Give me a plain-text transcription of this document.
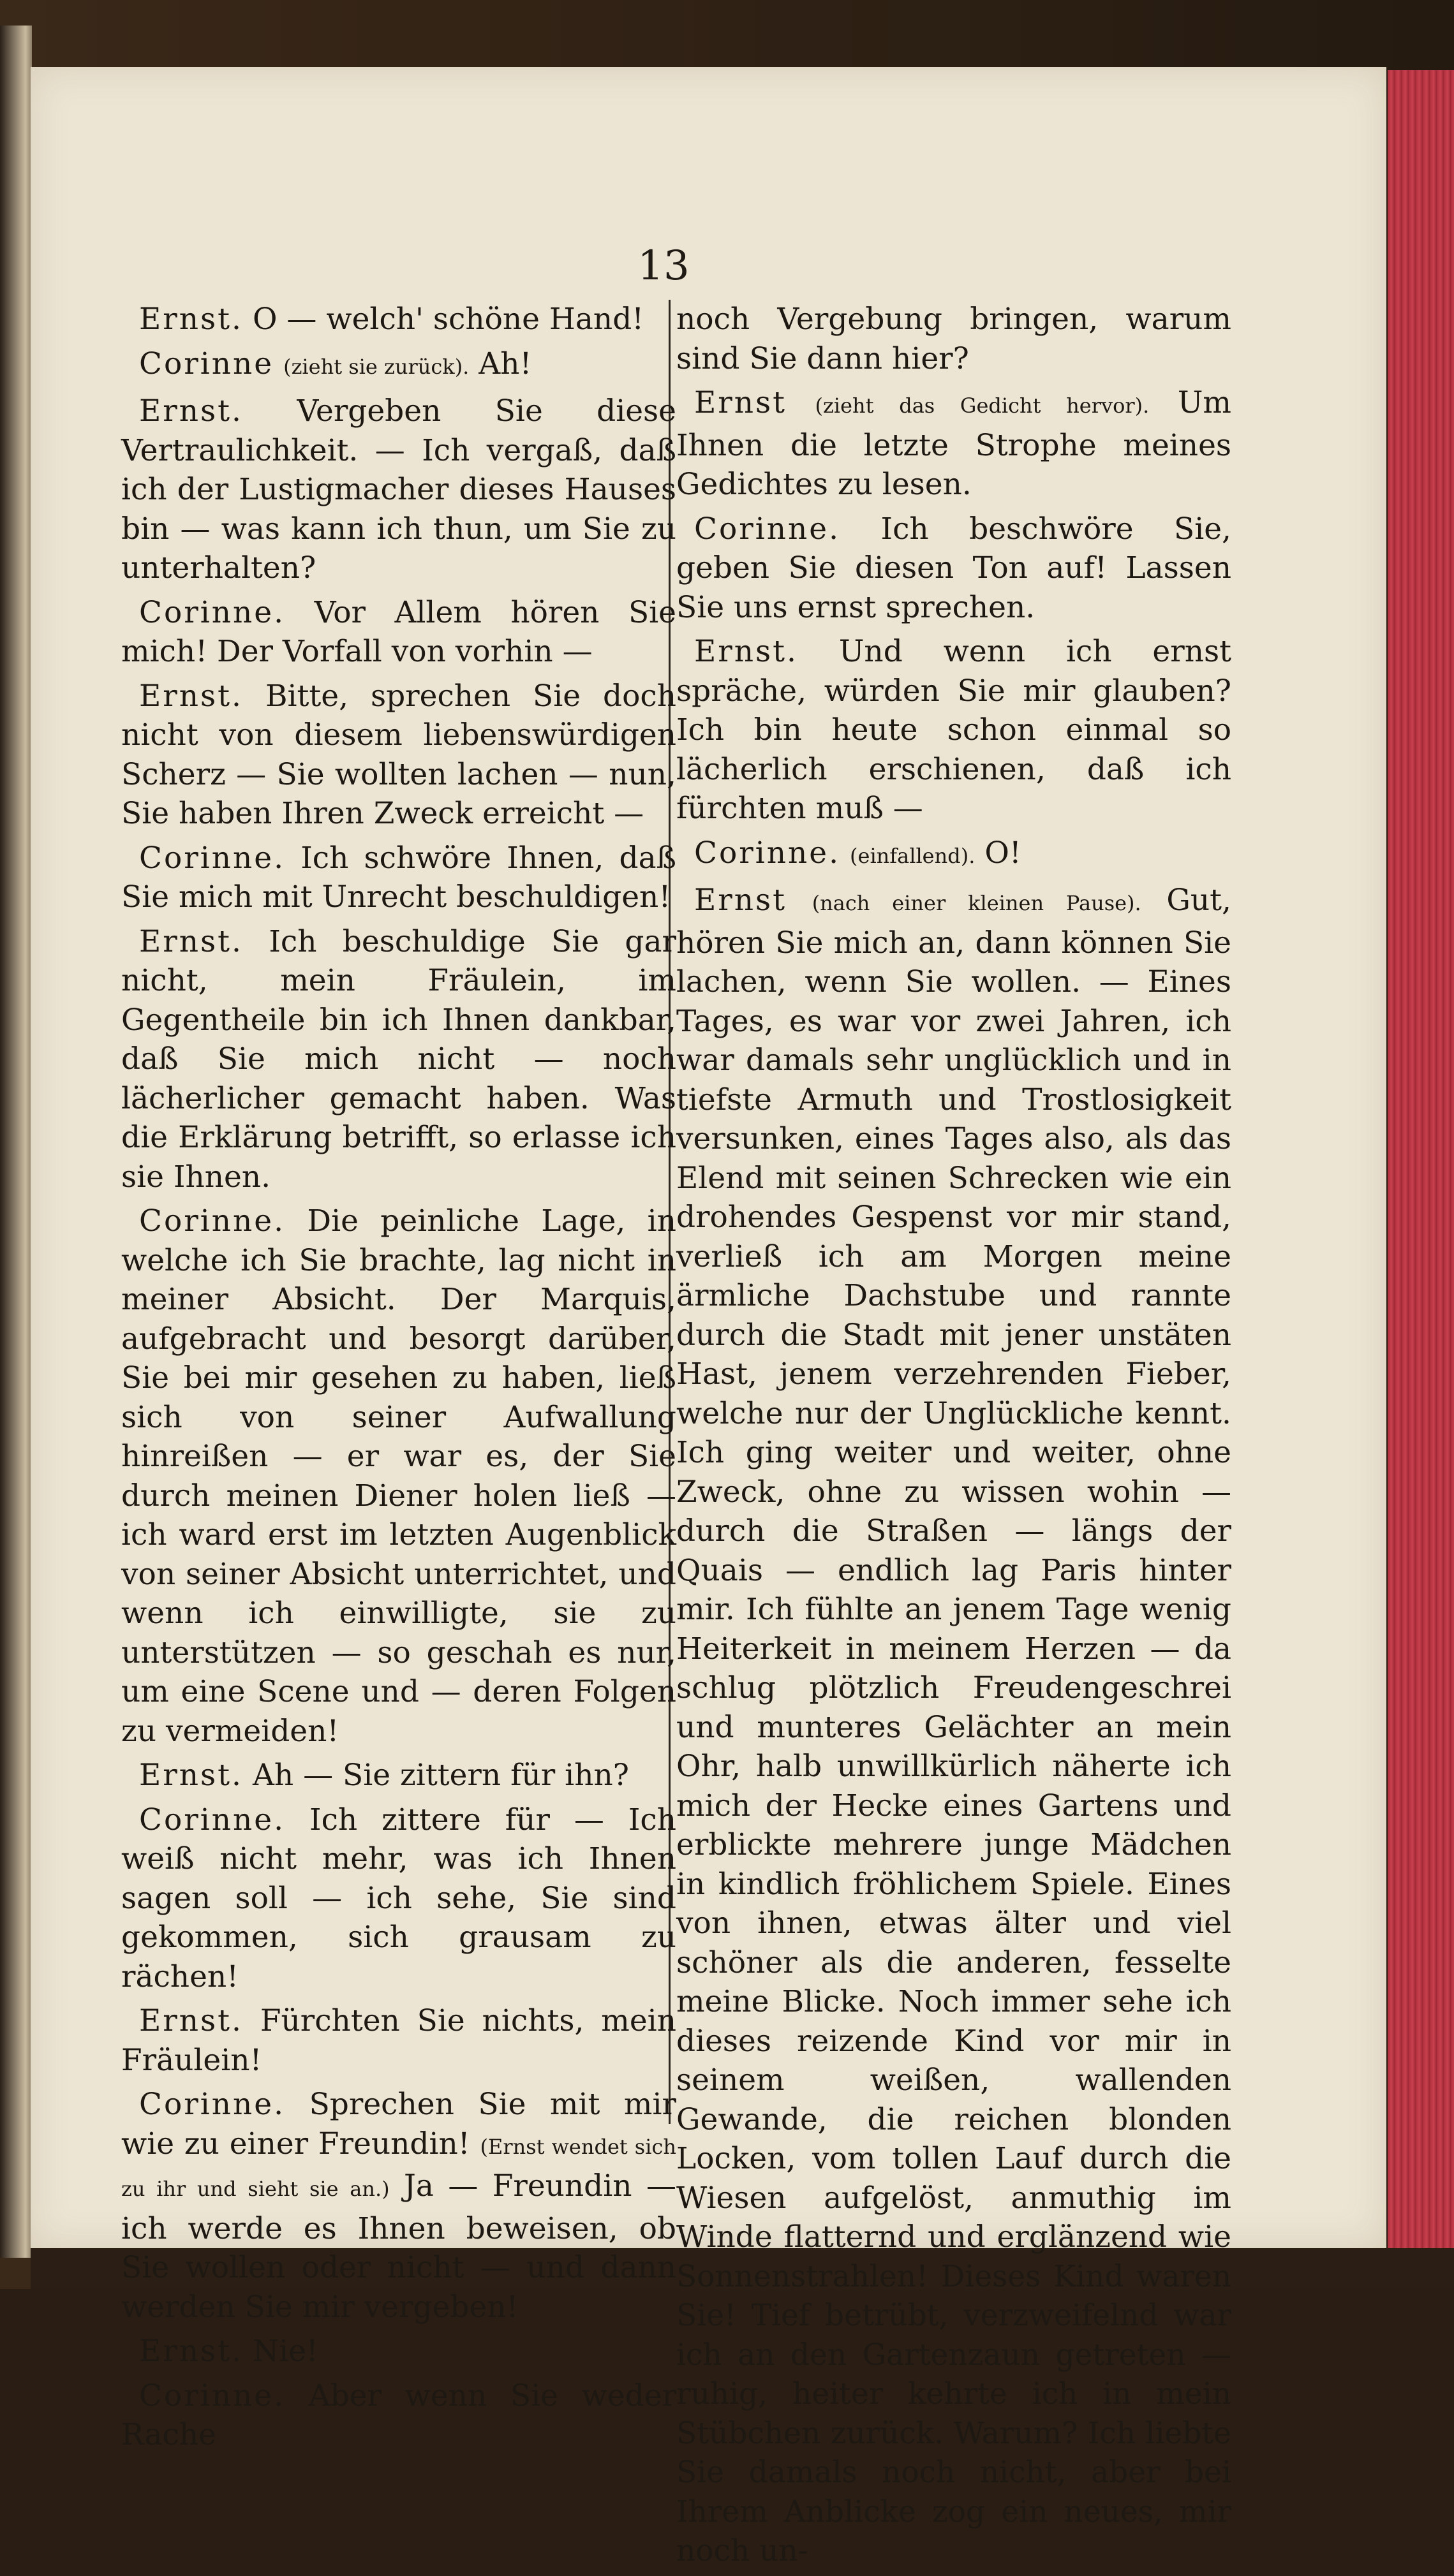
13

Ernst. O — welch' schöne Hand!

Corinne (zieht sie zurück). Ah!

Ernst. Vergeben Sie diese Vertraulichkeit. — Ich vergaß, daß ich der Lustigmacher dieses Hauses bin — was kann ich thun, um Sie zu unterhalten?

Corinne. Vor Allem hören Sie mich! Der Vorfall von vorhin —

Ernst. Bitte, sprechen Sie doch nicht von diesem liebenswürdigen Scherz — Sie wollten lachen — nun, Sie haben Ihren Zweck erreicht —

Corinne. Ich schwöre Ihnen, daß Sie mich mit Unrecht beschuldigen!

Ernst. Ich beschuldige Sie gar nicht, mein Fräulein, im Gegentheile bin ich Ihnen dankbar, daß Sie mich nicht — noch lächerlicher gemacht haben. Was die Erklärung betrifft, so erlasse ich sie Ihnen.

Corinne. Die peinliche Lage, in welche ich Sie brachte, lag nicht in meiner Absicht. Der Marquis, aufgebracht und besorgt darüber, Sie bei mir gesehen zu haben, ließ sich von seiner Aufwallung hinreißen — er war es, der Sie durch meinen Diener holen ließ — ich ward erst im letzten Augenblick von seiner Absicht unterrichtet, und wenn ich einwilligte, sie zu unterstützen — so geschah es nur, um eine Scene und — deren Folgen zu vermeiden!

Ernst. Ah — Sie zittern für ihn?

Corinne. Ich zittere für — Ich weiß nicht mehr, was ich Ihnen sagen soll — ich sehe, Sie sind gekommen, sich grausam zu rächen!

Ernst. Fürchten Sie nichts, mein Fräulein!

Corinne. Sprechen Sie mit mir wie zu einer Freundin! (Ernst wendet sich zu ihr und sieht sie an.) Ja — Freundin — ich werde es Ihnen beweisen, ob Sie wollen oder nicht — und dann werden Sie mir vergeben!

Ernst. Nie!

Corinne. Aber wenn Sie weder Rache

noch Vergebung bringen, warum sind Sie dann hier?

Ernst (zieht das Gedicht hervor). Um Ihnen die letzte Strophe meines Gedichtes zu lesen.

Corinne. Ich beschwöre Sie, geben Sie diesen Ton auf! Lassen Sie uns ernst sprechen.

Ernst. Und wenn ich ernst spräche, würden Sie mir glauben? Ich bin heute schon einmal so lächerlich erschienen, daß ich fürchten muß —

Corinne. (einfallend). O!

Ernst (nach einer kleinen Pause). Gut, hören Sie mich an, dann können Sie lachen, wenn Sie wollen. — Eines Tages, es war vor zwei Jahren, ich war damals sehr unglücklich und in tiefste Armuth und Trostlosigkeit versunken, eines Tages also, als das Elend mit seinen Schrecken wie ein drohendes Gespenst vor mir stand, verließ ich am Morgen meine ärmliche Dachstube und rannte durch die Stadt mit jener unstäten Hast, jenem verzehrenden Fieber, welche nur der Unglückliche kennt. Ich ging weiter und weiter, ohne Zweck, ohne zu wissen wohin — durch die Straßen — längs der Quais — endlich lag Paris hinter mir. Ich fühlte an jenem Tage wenig Heiterkeit in meinem Herzen — da schlug plötzlich Freudengeschrei und munteres Gelächter an mein Ohr, halb unwillkürlich näherte ich mich der Hecke eines Gartens und erblickte mehrere junge Mädchen in kindlich fröhlichem Spiele. Eines von ihnen, etwas älter und viel schöner als die anderen, fesselte meine Blicke. Noch immer sehe ich dieses reizende Kind vor mir in seinem weißen, wallenden Gewande, die reichen blonden Locken, vom tollen Lauf durch die Wiesen aufgelöst, anmuthig im Winde flatternd und erglänzend wie Sonnenstrahlen! Dieses Kind waren Sie! Tief betrübt, verzweifelnd war ich an den Gartenzaun getreten — ruhig, heiter kehrte ich in mein Stübchen zurück. Warum? Ich liebte Sie damals noch nicht, aber bei Ihrem Anblicke zog ein neues, mir noch un-
